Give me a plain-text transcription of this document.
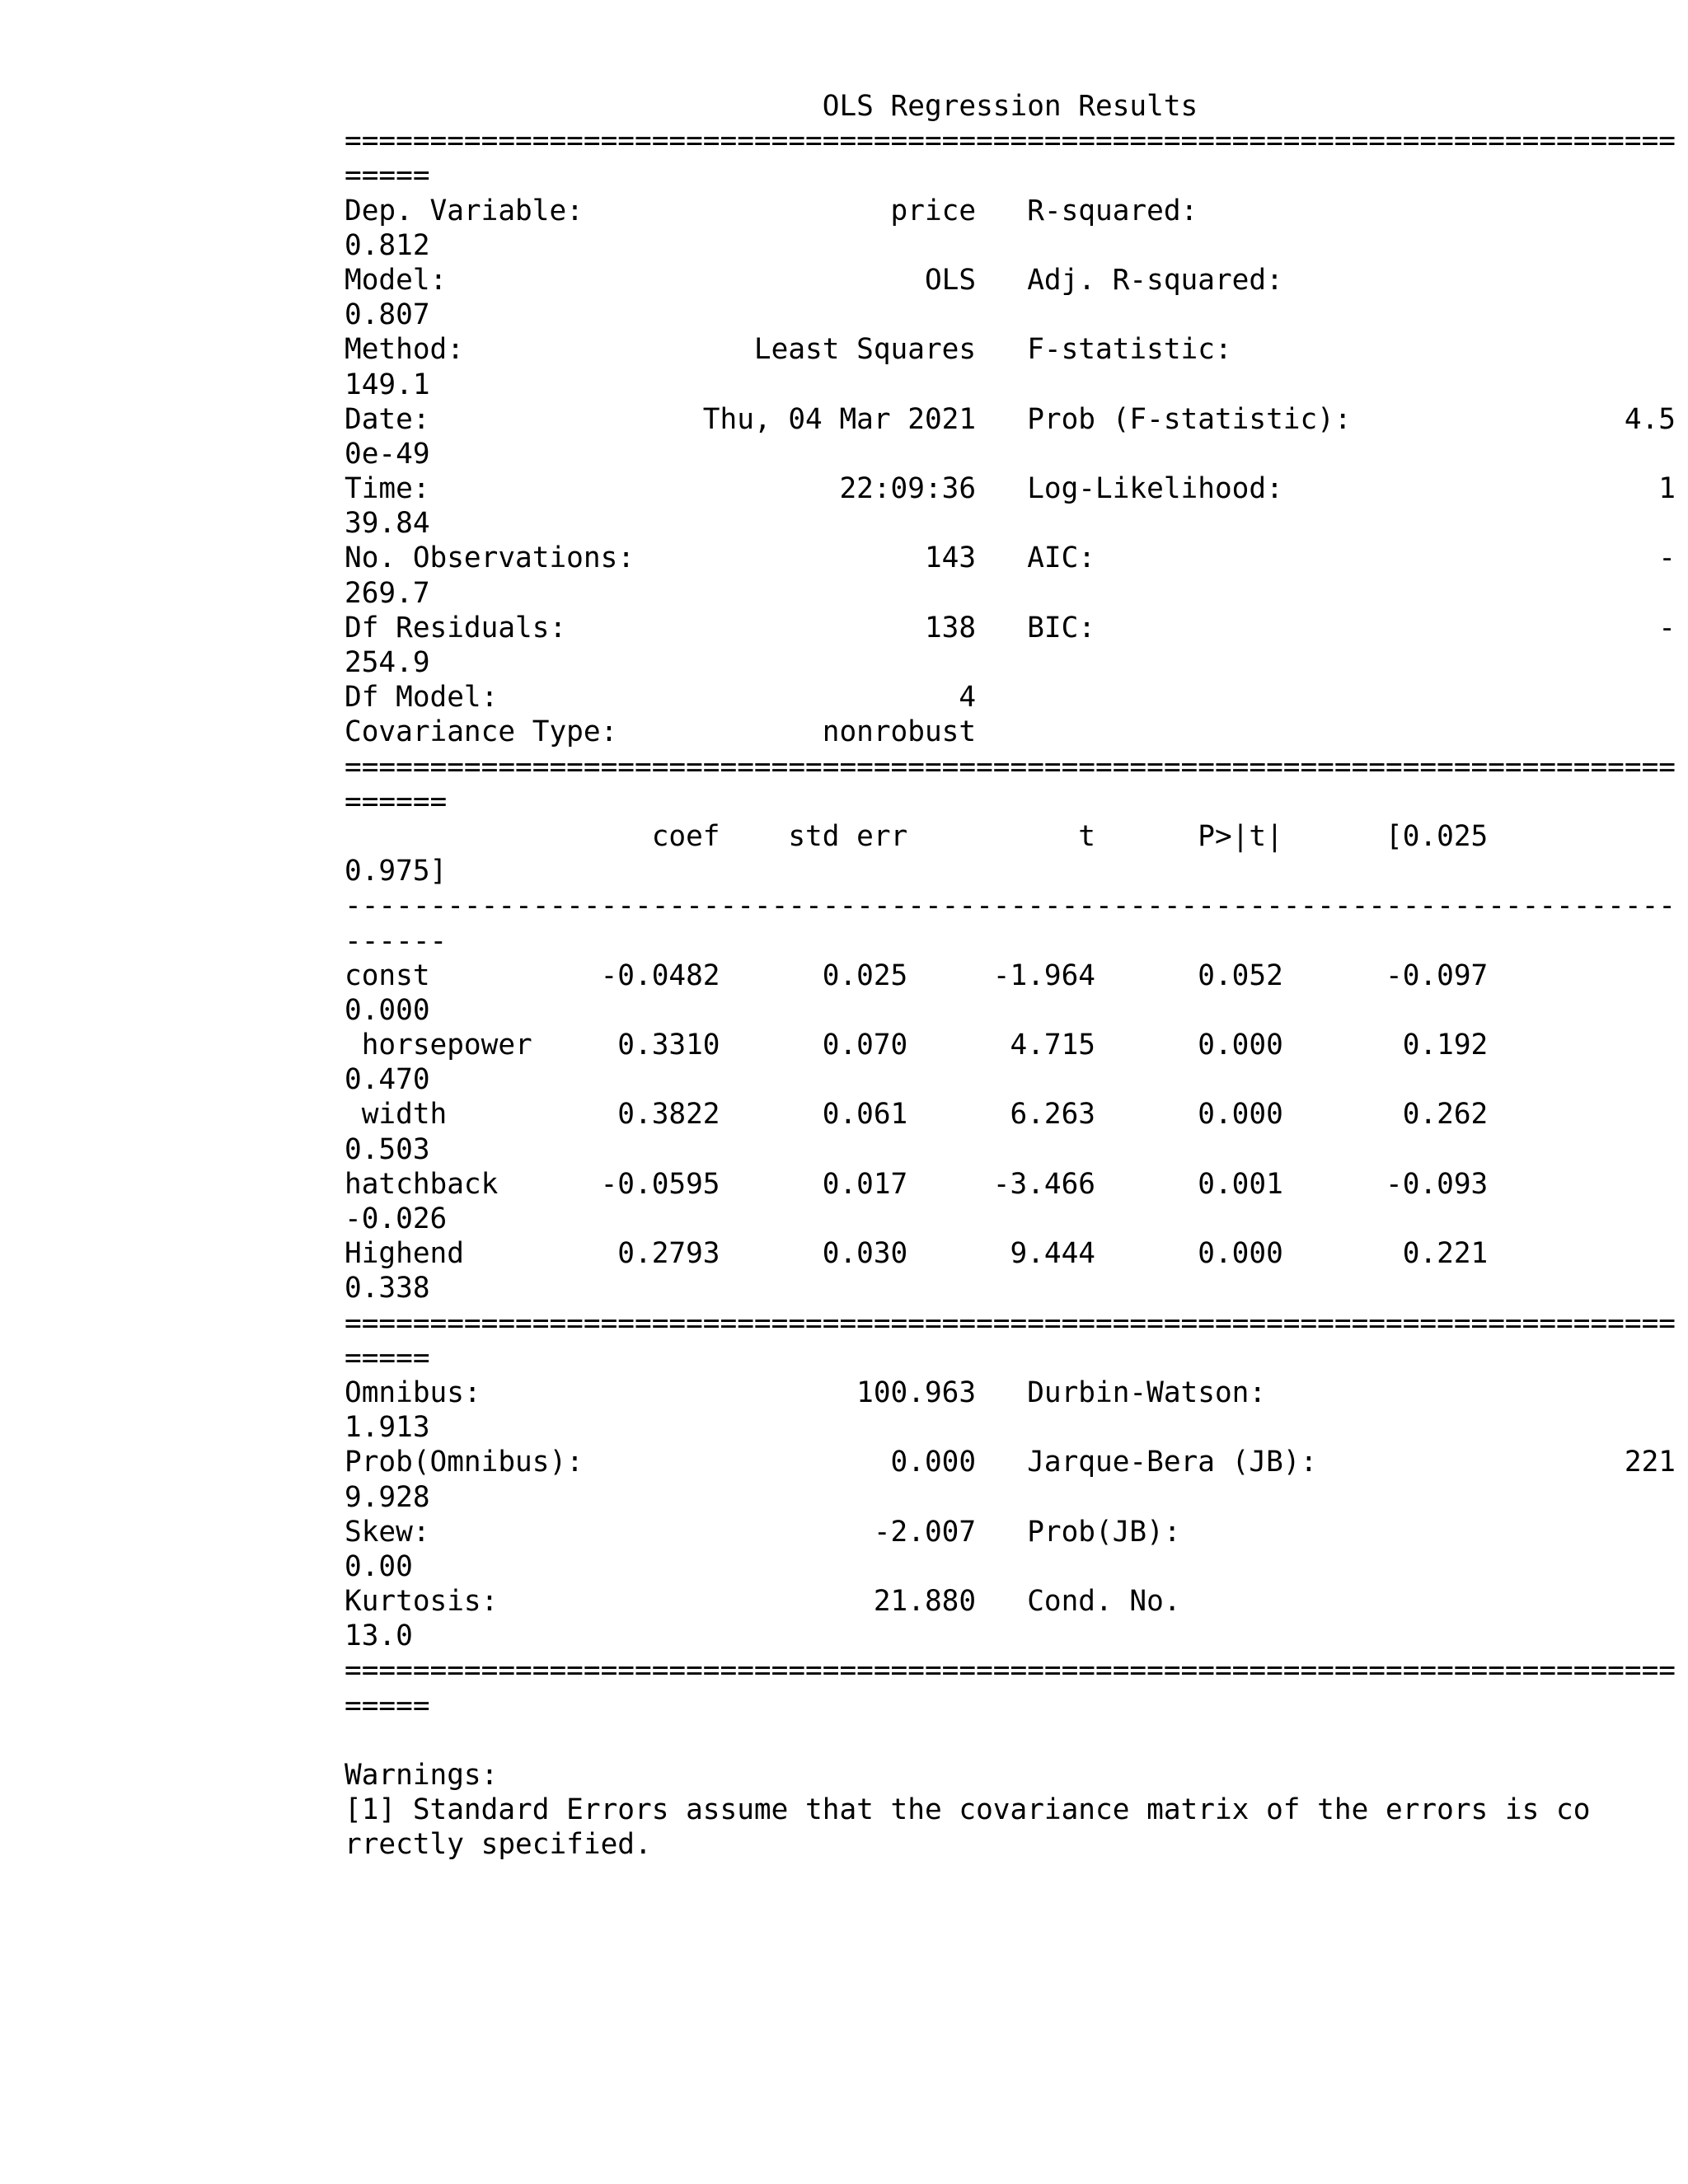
OLS Regression Results
==============================================================================
=====
Dep. Variable:                  price   R-squared:
0.812
Model:                            OLS   Adj. R-squared:
0.807
Method:                 Least Squares   F-statistic:
149.1
Date:                Thu, 04 Mar 2021   Prob (F-statistic):                4.5
0e-49
Time:                        22:09:36   Log-Likelihood:                      1
39.84
No. Observations:                 143   AIC:                                 -
269.7
Df Residuals:                     138   BIC:                                 -
254.9
Df Model:                           4
Covariance Type:            nonrobust
==============================================================================
======
coef    std err          t      P>|t|      [0.025
0.975]
------------------------------------------------------------------------------
------
const          -0.0482      0.025     -1.964      0.052      -0.097
0.000
horsepower     0.3310      0.070      4.715      0.000       0.192
0.470
width          0.3822      0.061      6.263      0.000       0.262
0.503
hatchback      -0.0595      0.017     -3.466      0.001      -0.093
-0.026
Highend         0.2793      0.030      9.444      0.000       0.221
0.338
==============================================================================
=====
Omnibus:                      100.963   Durbin-Watson:
1.913
Prob(Omnibus):                  0.000   Jarque-Bera (JB):                  221
9.928
Skew:                          -2.007   Prob(JB):
0.00
Kurtosis:                      21.880   Cond. No.
13.0
==============================================================================
=====
Warnings:
[1] Standard Errors assume that the covariance matrix of the errors is co
rrectly specified.
